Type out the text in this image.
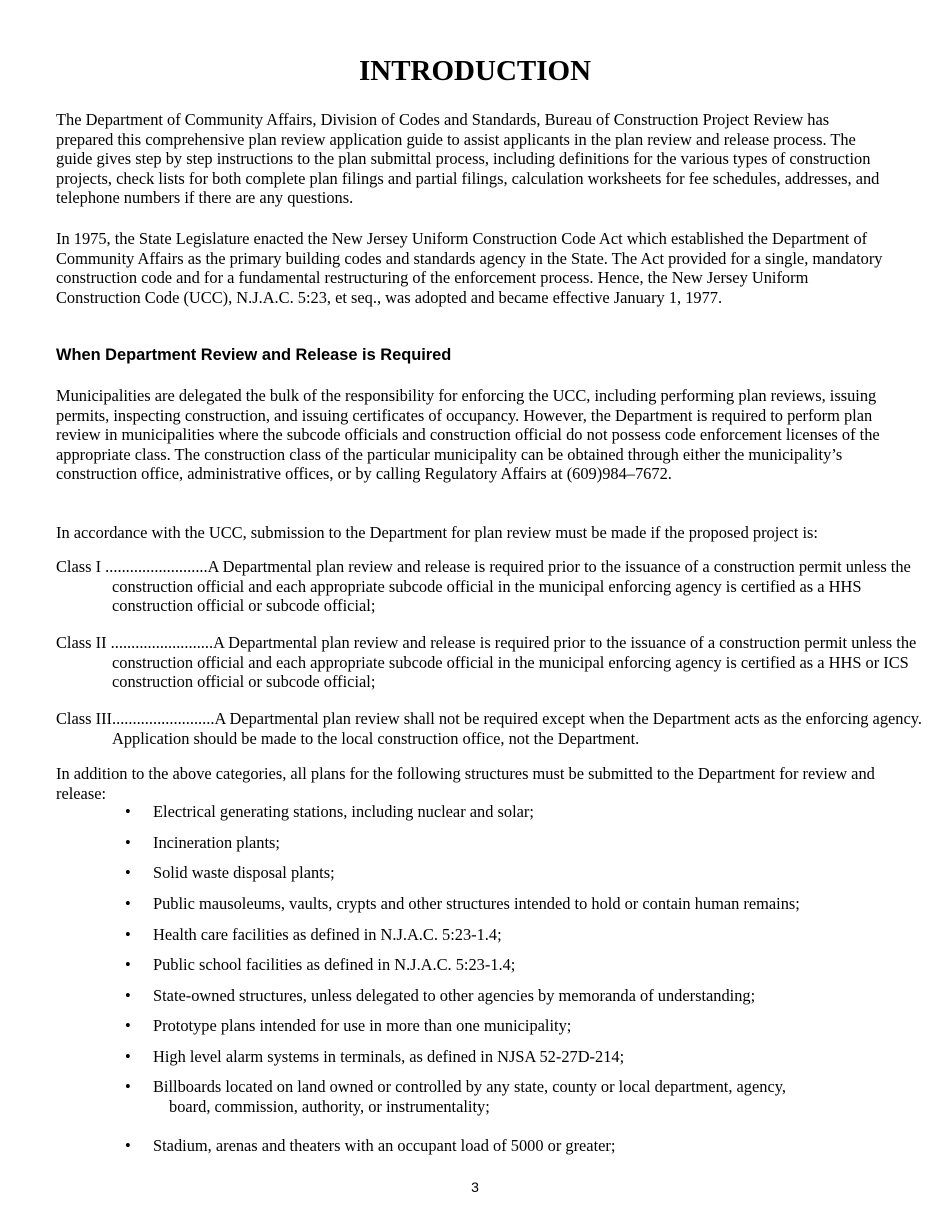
INTRODUCTION

The Department of Community Affairs, Division of Codes and Standards, Bureau of Construction Project Review has prepared this comprehensive plan review application guide to assist applicants in the plan review and release process. The guide gives step by step instructions to the plan submittal process, including definitions for the various types of construction projects, check lists for both complete plan filings and partial filings, calculation worksheets for fee schedules, addresses, and telephone numbers if there are any questions.

In 1975, the State Legislature enacted the New Jersey Uniform Construction Code Act which established the Department of Community Affairs as the primary building codes and standards agency in the State. The Act provided for a single, mandatory construction code and for a fundamental restructuring of the enforcement process. Hence, the New Jersey Uniform Construction Code (UCC), N.J.A.C. 5:23, et seq., was adopted and became effective January 1, 1977.

When Department Review and Release is Required

Municipalities are delegated the bulk of the responsibility for enforcing the UCC, including performing plan reviews, issuing permits, inspecting construction, and issuing certificates of occupancy. However, the Department is required to perform plan review in municipalities where the subcode officials and construction official do not possess code enforcement licenses of the appropriate class. The construction class of the particular municipality can be obtained through either the municipality’s construction office, administrative offices, or by calling Regulatory Affairs at (609)984–7672.

In accordance with the UCC, submission to the Department for plan review must be made if the proposed project is:

Class I .........................A Departmental plan review and release is required prior to the issuance of a construction permit unless the construction official and each appropriate subcode official in the municipal enforcing agency is certified as a HHS construction official or subcode official;

Class II .........................A Departmental plan review and release is required prior to the issuance of a construction permit unless the construction official and each appropriate subcode official in the municipal enforcing agency is certified as a HHS or ICS construction official or subcode official;

Class III.........................A Departmental plan review shall not be required except when the Department acts as the enforcing agency. Application should be made to the local construction office, not the Department.

In addition to the above categories, all plans for the following structures must be submitted to the Department for review and release:

• Electrical generating stations, including nuclear and solar;
• Incineration plants;
• Solid waste disposal plants;
• Public mausoleums, vaults, crypts and other structures intended to hold or contain human remains;
• Health care facilities as defined in N.J.A.C. 5:23-1.4;
• Public school facilities as defined in N.J.A.C. 5:23-1.4;
• State-owned structures, unless delegated to other agencies by memoranda of understanding;
• Prototype plans intended for use in more than one municipality;
• High level alarm systems in terminals, as defined in NJSA 52-27D-214;
• Billboards located on land owned or controlled by any state, county or local department, agency,
board, commission, authority, or instrumentality;
• Stadium, arenas and theaters with an occupant load of 5000 or greater;
3
